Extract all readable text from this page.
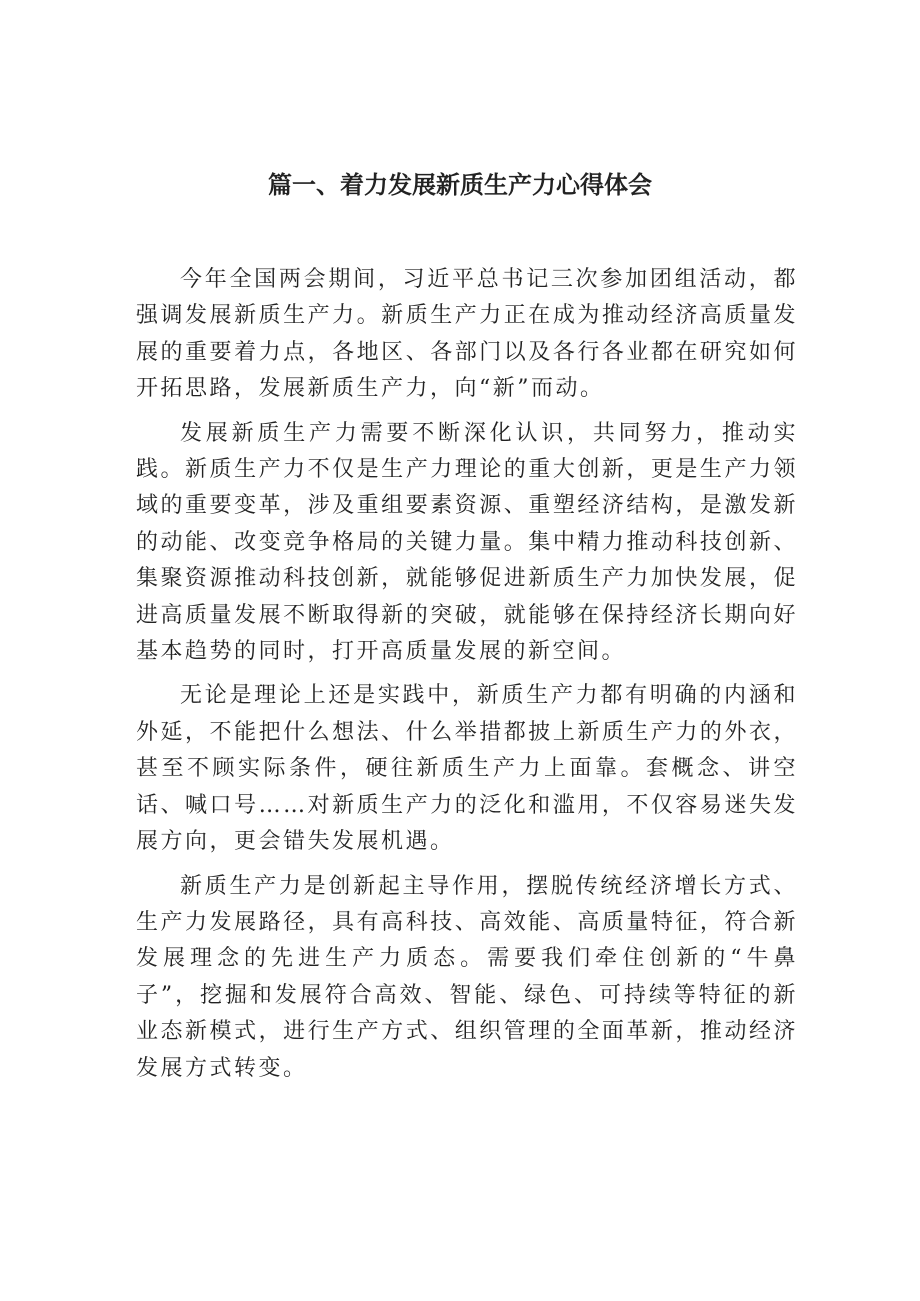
篇一、着力发展新质生产力心得体会

今年全国两会期间，习近平总书记三次参加团组活动，都强调发展新质生产力。新质生产力正在成为推动经济高质量发展的重要着力点，各地区、各部门以及各行各业都在研究如何开拓思路，发展新质生产力，向“新”而动。

发展新质生产力需要不断深化认识，共同努力，推动实践。新质生产力不仅是生产力理论的重大创新，更是生产力领域的重要变革，涉及重组要素资源、重塑经济结构，是激发新的动能、改变竞争格局的关键力量。集中精力推动科技创新、集聚资源推动科技创新，就能够促进新质生产力加快发展，促进高质量发展不断取得新的突破，就能够在保持经济长期向好基本趋势的同时，打开高质量发展的新空间。

无论是理论上还是实践中，新质生产力都有明确的内涵和外延，不能把什么想法、什么举措都披上新质生产力的外衣，甚至不顾实际条件，硬往新质生产力上面靠。套概念、讲空话、喊口号……对新质生产力的泛化和滥用，不仅容易迷失发展方向，更会错失发展机遇。

新质生产力是创新起主导作用，摆脱传统经济增长方式、生产力发展路径，具有高科技、高效能、高质量特征，符合新发展理念的先进生产力质态。需要我们牵住创新的“牛鼻子”，挖掘和发展符合高效、智能、绿色、可持续等特征的新业态新模式，进行生产方式、组织管理的全面革新，推动经济发展方式转变。
